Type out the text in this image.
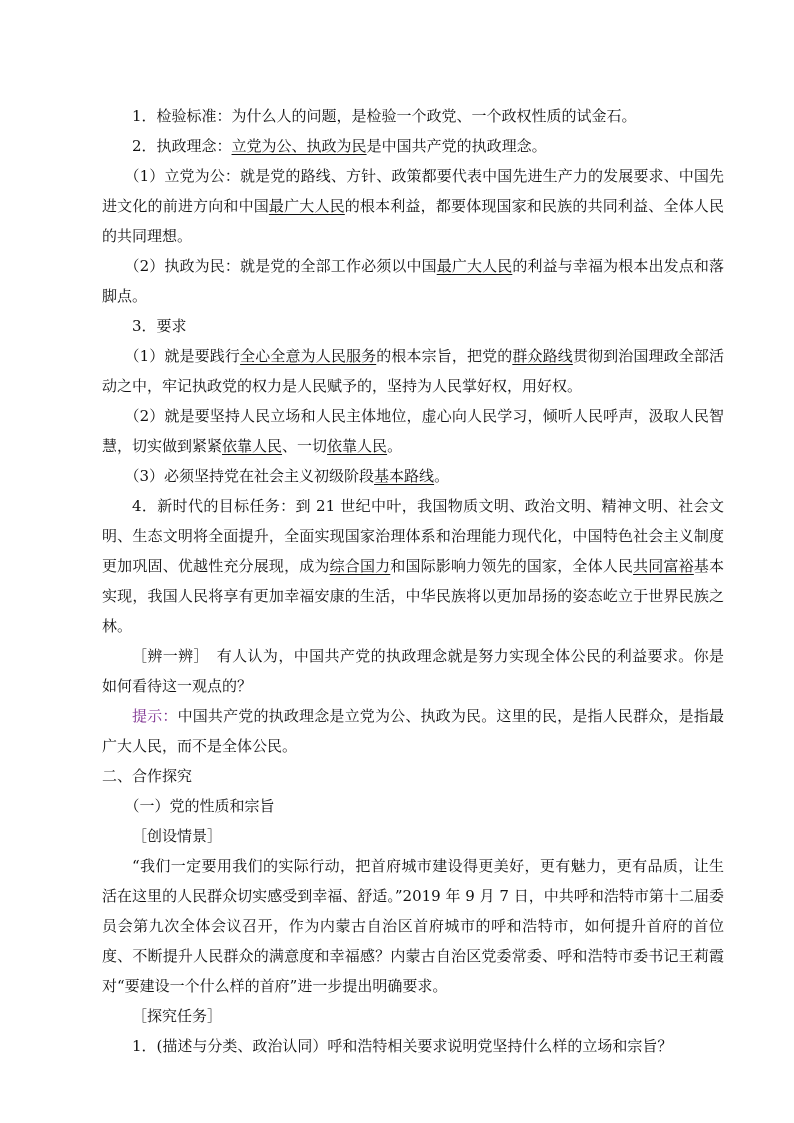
1．检验标准：为什么人的问题，是检验一个政党、一个政权性质的试金石。

2．执政理念：立党为公、执政为民是中国共产党的执政理念。

（1）立党为公：就是党的路线、方针、政策都要代表中国先进生产力的发展要求、中国先进文化的前进方向和中国最广大人民的根本利益，都要体现国家和民族的共同利益、全体人民的共同理想。

（2）执政为民：就是党的全部工作必须以中国最广大人民的利益与幸福为根本出发点和落脚点。

3．要求

（1）就是要践行全心全意为人民服务的根本宗旨，把党的群众路线贯彻到治国理政全部活动之中，牢记执政党的权力是人民赋予的，坚持为人民掌好权，用好权。

（2）就是要坚持人民立场和人民主体地位，虚心向人民学习，倾听人民呼声，汲取人民智慧，切实做到紧紧依靠人民、一切依靠人民。

（3）必须坚持党在社会主义初级阶段基本路线。

4．新时代的目标任务：到 21 世纪中叶，我国物质文明、政治文明、精神文明、社会文明、生态文明将全面提升，全面实现国家治理体系和治理能力现代化，中国特色社会主义制度更加巩固、优越性充分展现，成为综合国力和国际影响力领先的国家，全体人民共同富裕基本实现，我国人民将享有更加幸福安康的生活，中华民族将以更加昂扬的姿态屹立于世界民族之林。

［辨一辨］　有人认为，中国共产党的执政理念就是努力实现全体公民的利益要求。你是如何看待这一观点的？

提示：中国共产党的执政理念是立党为公、执政为民。这里的民，是指人民群众，是指最广大人民，而不是全体公民。

二、合作探究

（一）党的性质和宗旨

［创设情景］

“我们一定要用我们的实际行动，把首府城市建设得更美好，更有魅力，更有品质，让生活在这里的人民群众切实感受到幸福、舒适。”2019 年 9 月 7 日，中共呼和浩特市第十二届委员会第九次全体会议召开，作为内蒙古自治区首府城市的呼和浩特市，如何提升首府的首位度、不断提升人民群众的满意度和幸福感？内蒙古自治区党委常委、呼和浩特市委书记王莉霞对“要建设一个什么样的首府”进一步提出明确要求。

［探究任务］

1．(描述与分类、政治认同）呼和浩特相关要求说明党坚持什么样的立场和宗旨？
